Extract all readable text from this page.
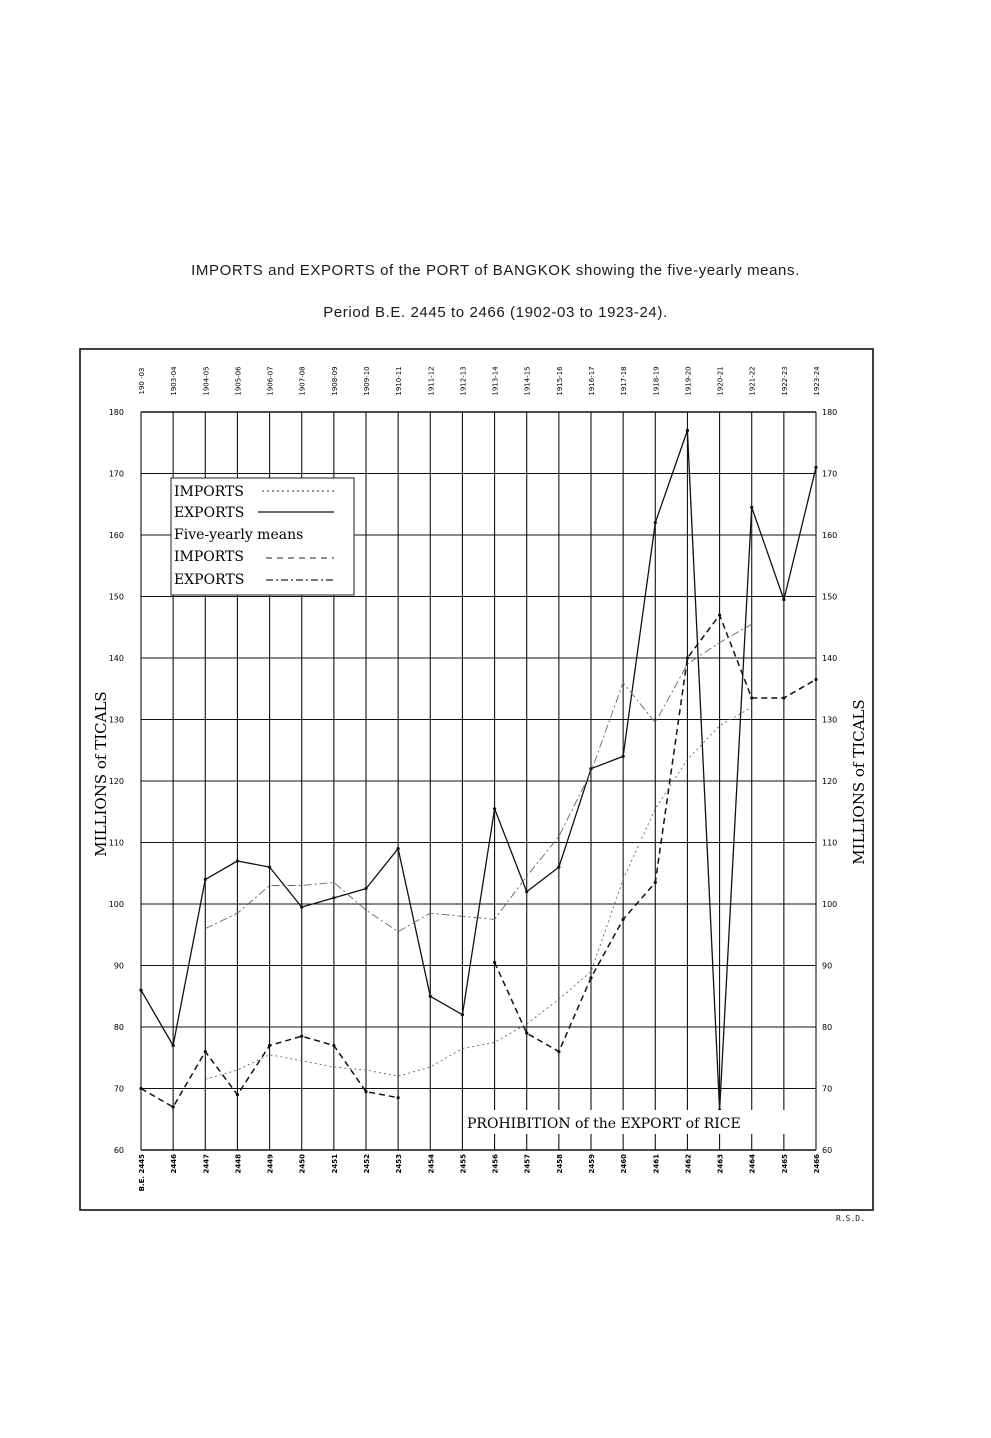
IMPORTS and EXPORTS of the PORT of BANGKOK showing the five-yearly means.
Period B.E. 2445 to 2466 (1902-03 to 1923-24).
60	60
70	70
80	80
90	90
100	100
110	110
120	120
130	130
140	140
150	150
160	160
170	170
180	180
190 -03	1903-04	1904-05	1905-06	1906-07	1907-08	1908-09	1909-10	1910-11	1911-12	1912-13	1913-14	1914-15	1915-16	1916-17	1917-18	1918-19	1919-20	1920-21	1921-22	1922-23	1923-24
B.E. 2445	2446	2447	2448	2449	2450	2451	2452	2453	2454	2455	2456	2457	2458	2459	2460	2461	2462	2463	2464	2465	2466
IMPORTS
EXPORTS
Five-yearly means
IMPORTS
EXPORTS
PROHIBITION of the EXPORT of RICE
MILLIONS of TICALS	MILLIONS of TICALS
R.S.D.
